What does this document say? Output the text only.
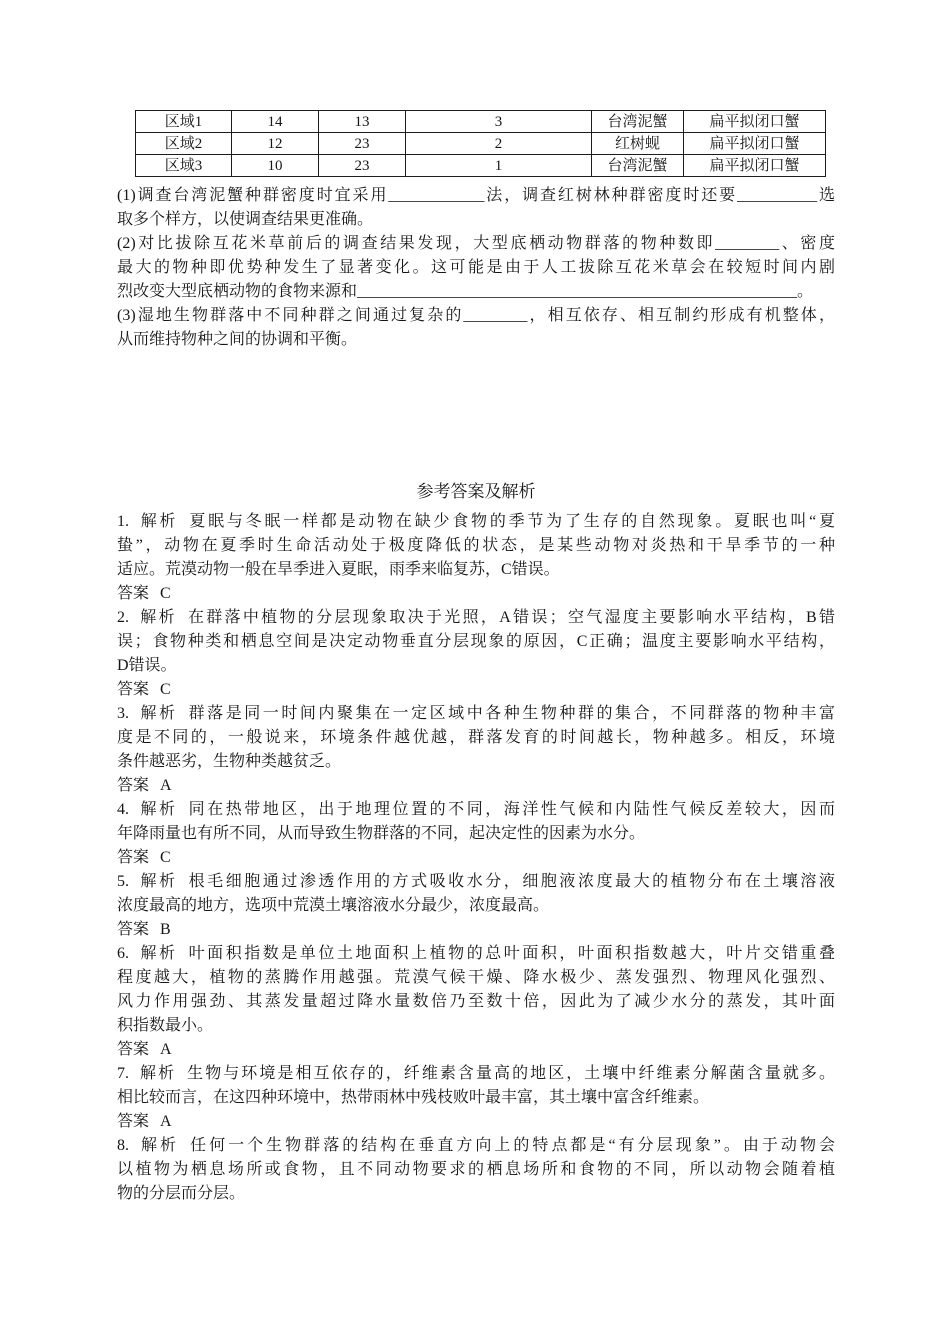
区域1	14	13	3	台湾泥蟹	扁平拟闭口蟹
区域2	12	23	2	红树蚬	扁平拟闭口蟹
区域3	10	23	1	台湾泥蟹	扁平拟闭口蟹
(1)调查台湾泥蟹种群密度时宜采用____________法，调查红树林种群密度时还要__________选
取多个样方，以使调查结果更准确。
(2)对比拔除互花米草前后的调查结果发现，大型底栖动物群落的物种数即________、密度
最大的物种即优势种发生了显著变化。这可能是由于人工拔除互花米草会在较短时间内剧
烈改变大型底栖动物的食物来源和_______________________________________________________。
(3)湿地生物群落中不同种群之间通过复杂的________，相互依存、相互制约形成有机整体，
从而维持物种之间的协调和平衡。
参考答案及解析
1. 解析 夏眠与冬眠一样都是动物在缺少食物的季节为了生存的自然现象。夏眠也叫“夏
蛰”，动物在夏季时生命活动处于极度降低的状态，是某些动物对炎热和干旱季节的一种
适应。荒漠动物一般在旱季进入夏眠，雨季来临复苏，C错误。
答案 C
2. 解析 在群落中植物的分层现象取决于光照，A错误；空气湿度主要影响水平结构，B错
误；食物种类和栖息空间是决定动物垂直分层现象的原因，C正确；温度主要影响水平结构，
D错误。
答案 C
3. 解析 群落是同一时间内聚集在一定区域中各种生物种群的集合，不同群落的物种丰富
度是不同的，一般说来，环境条件越优越，群落发育的时间越长，物种越多。相反，环境
条件越恶劣，生物种类越贫乏。
答案 A
4. 解析 同在热带地区，出于地理位置的不同，海洋性气候和内陆性气候反差较大，因而
年降雨量也有所不同，从而导致生物群落的不同，起决定性的因素为水分。
答案 C
5. 解析 根毛细胞通过渗透作用的方式吸收水分，细胞液浓度最大的植物分布在土壤溶液
浓度最高的地方，选项中荒漠土壤溶液水分最少，浓度最高。
答案 B
6. 解析 叶面积指数是单位土地面积上植物的总叶面积，叶面积指数越大，叶片交错重叠
程度越大，植物的蒸腾作用越强。荒漠气候干燥、降水极少、蒸发强烈、物理风化强烈、
风力作用强劲、其蒸发量超过降水量数倍乃至数十倍，因此为了减少水分的蒸发，其叶面
积指数最小。
答案 A
7. 解析 生物与环境是相互依存的，纤维素含量高的地区，土壤中纤维素分解菌含量就多。
相比较而言，在这四种环境中，热带雨林中残枝败叶最丰富，其土壤中富含纤维素。
答案 A
8. 解析 任何一个生物群落的结构在垂直方向上的特点都是“有分层现象”。由于动物会
以植物为栖息场所或食物，且不同动物要求的栖息场所和食物的不同，所以动物会随着植
物的分层而分层。
